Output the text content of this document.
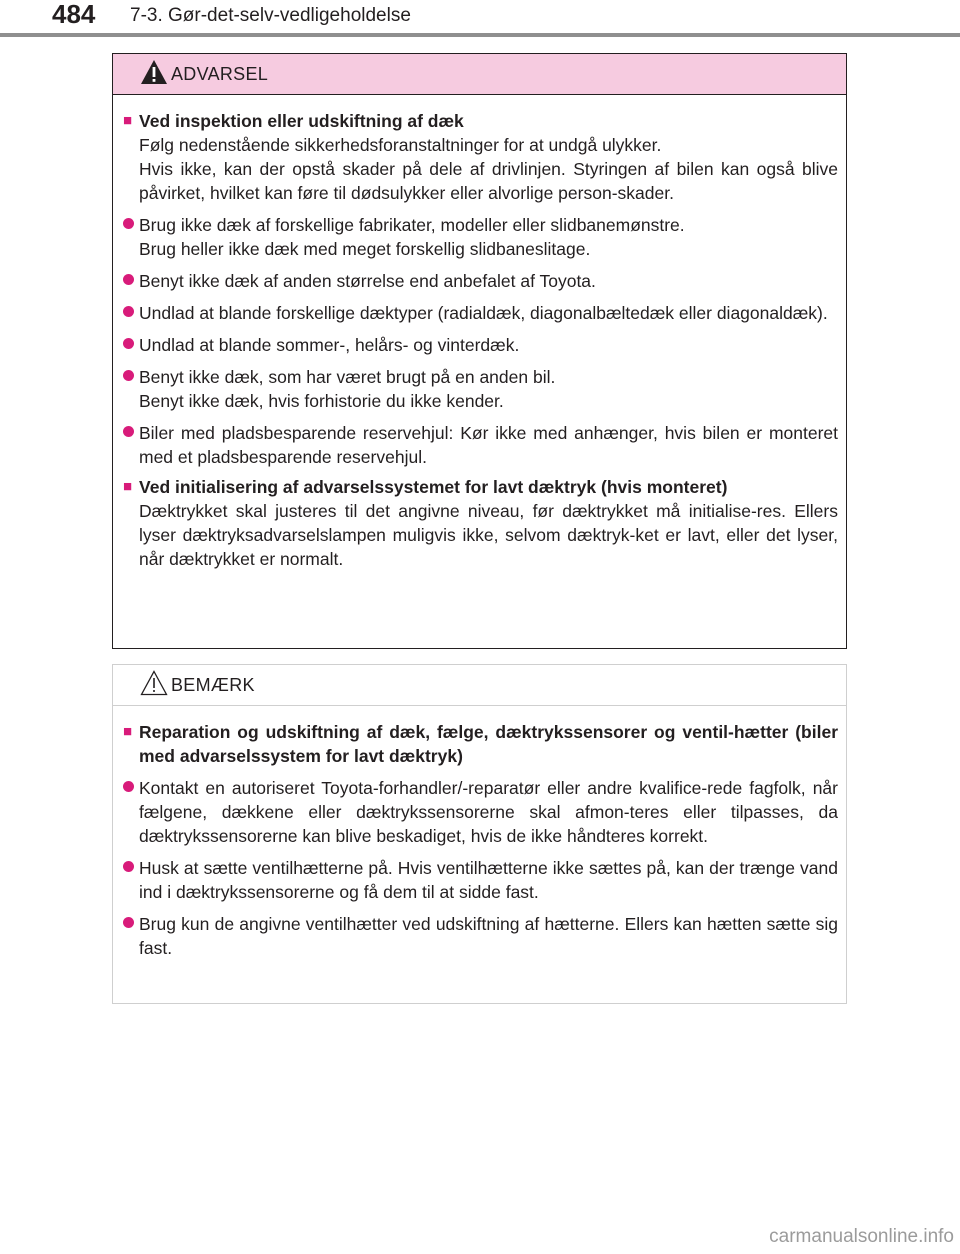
484 7-3. Gør-det-selv-vedligeholdelse
ADVARSEL
■ Ved inspektion eller udskiftning af dæk
Følg nedenstående sikkerhedsforanstaltninger for at undgå ulykker.
Hvis ikke, kan der opstå skader på dele af drivlinjen. Styringen af bilen kan også blive påvirket, hvilket kan føre til dødsulykker eller alvorlige person-skader.
Brug ikke dæk af forskellige fabrikater, modeller eller slidbanemønstre.
Brug heller ikke dæk med meget forskellig slidbaneslitage.
Benyt ikke dæk af anden størrelse end anbefalet af Toyota.
Undlad at blande forskellige dæktyper (radialdæk, diagonalbæltedæk eller diagonaldæk).
Undlad at blande sommer-, helårs- og vinterdæk.
Benyt ikke dæk, som har været brugt på en anden bil.
Benyt ikke dæk, hvis forhistorie du ikke kender.
Biler med pladsbesparende reservehjul: Kør ikke med anhænger, hvis bilen er monteret med et pladsbesparende reservehjul.
■ Ved initialisering af advarselssystemet for lavt dæktryk (hvis monteret)
Dæktrykket skal justeres til det angivne niveau, før dæktrykket må initialise-res. Ellers lyser dæktryksadvarselslampen muligvis ikke, selvom dæktryk-ket er lavt, eller det lyser, når dæktrykket er normalt.
BEMÆRK
■ Reparation og udskiftning af dæk, fælge, dæktrykssensorer og ventil-hætter (biler med advarselssystem for lavt dæktryk)
Kontakt en autoriseret Toyota-forhandler/-reparatør eller andre kvalifice-rede fagfolk, når fælgene, dækkene eller dæktrykssensorerne skal afmon-teres eller tilpasses, da dæktrykssensorerne kan blive beskadiget, hvis de ikke håndteres korrekt.
Husk at sætte ventilhætterne på. Hvis ventilhætterne ikke sættes på, kan der trænge vand ind i dæktrykssensorerne og få dem til at sidde fast.
Brug kun de angivne ventilhætter ved udskiftning af hætterne. Ellers kan hætten sætte sig fast.
carmanualsonline.info
